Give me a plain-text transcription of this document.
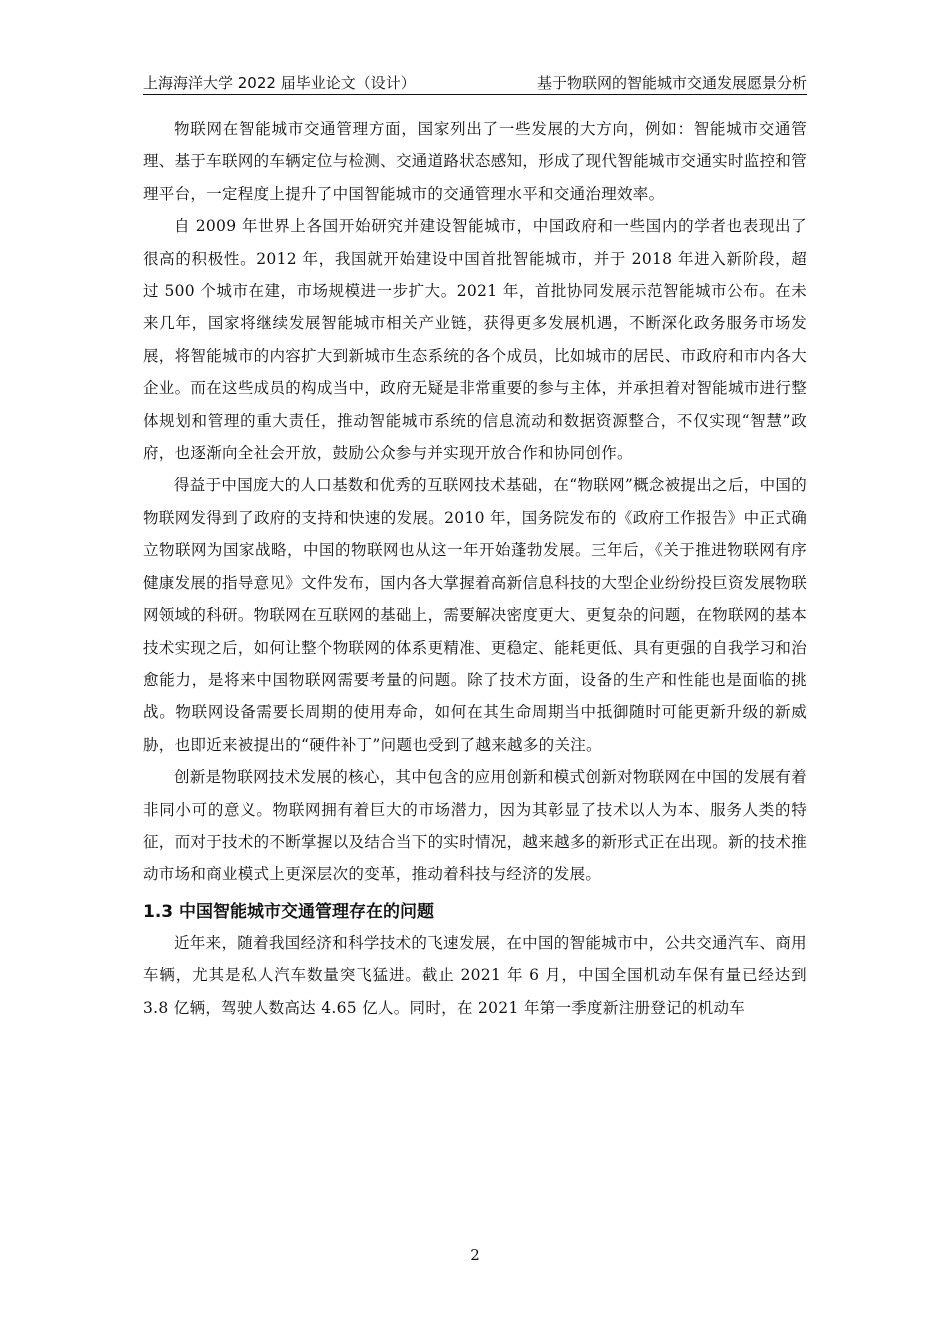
上海海洋大学 2022 届毕业论文（设计）	基于物联网的智能城市交通发展愿景分析

物联网在智能城市交通管理方面，国家列出了一些发展的大方向，例如：智能城市交通管理、基于车联网的车辆定位与检测、交通道路状态感知，形成了现代智能城市交通实时监控和管理平台，一定程度上提升了中国智能城市的交通管理水平和交通治理效率。

自 2009 年世界上各国开始研究并建设智能城市，中国政府和一些国内的学者也表现出了很高的积极性。2012 年，我国就开始建设中国首批智能城市，并于 2018 年进入新阶段，超过 500 个城市在建，市场规模进一步扩大。2021 年，首批协同发展示范智能城市公布。在未来几年，国家将继续发展智能城市相关产业链，获得更多发展机遇，不断深化政务服务市场发展，将智能城市的内容扩大到新城市生态系统的各个成员，比如城市的居民、市政府和市内各大企业。而在这些成员的构成当中，政府无疑是非常重要的参与主体，并承担着对智能城市进行整体规划和管理的重大责任，推动智能城市系统的信息流动和数据资源整合，不仅实现“智慧”政府，也逐渐向全社会开放，鼓励公众参与并实现开放合作和协同创作。

得益于中国庞大的人口基数和优秀的互联网技术基础，在“物联网”概念被提出之后，中国的物联网发得到了政府的支持和快速的发展。2010 年，国务院发布的《政府工作报告》中正式确立物联网为国家战略，中国的物联网也从这一年开始蓬勃发展。三年后，《关于推进物联网有序健康发展的指导意见》文件发布，国内各大掌握着高新信息科技的大型企业纷纷投巨资发展物联网领域的科研。物联网在互联网的基础上，需要解决密度更大、更复杂的问题，在物联网的基本技术实现之后，如何让整个物联网的体系更精准、更稳定、能耗更低、具有更强的自我学习和治愈能力，是将来中国物联网需要考量的问题。除了技术方面，设备的生产和性能也是面临的挑战。物联网设备需要长周期的使用寿命，如何在其生命周期当中抵御随时可能更新升级的新威胁，也即近来被提出的“硬件补丁”问题也受到了越来越多的关注。

创新是物联网技术发展的核心，其中包含的应用创新和模式创新对物联网在中国的发展有着非同小可的意义。物联网拥有着巨大的市场潜力，因为其彰显了技术以人为本、服务人类的特征，而对于技术的不断掌握以及结合当下的实时情况，越来越多的新形式正在出现。新的技术推动市场和商业模式上更深层次的变革，推动着科技与经济的发展。

1.3 中国智能城市交通管理存在的问题

近年来，随着我国经济和科学技术的飞速发展，在中国的智能城市中，公共交通汽车、商用车辆，尤其是私人汽车数量突飞猛进。截止 2021 年 6 月，中国全国机动车保有量已经达到 3.8 亿辆，驾驶人数高达 4.65 亿人。同时，在 2021 年第一季度新注册登记的机动车

2
